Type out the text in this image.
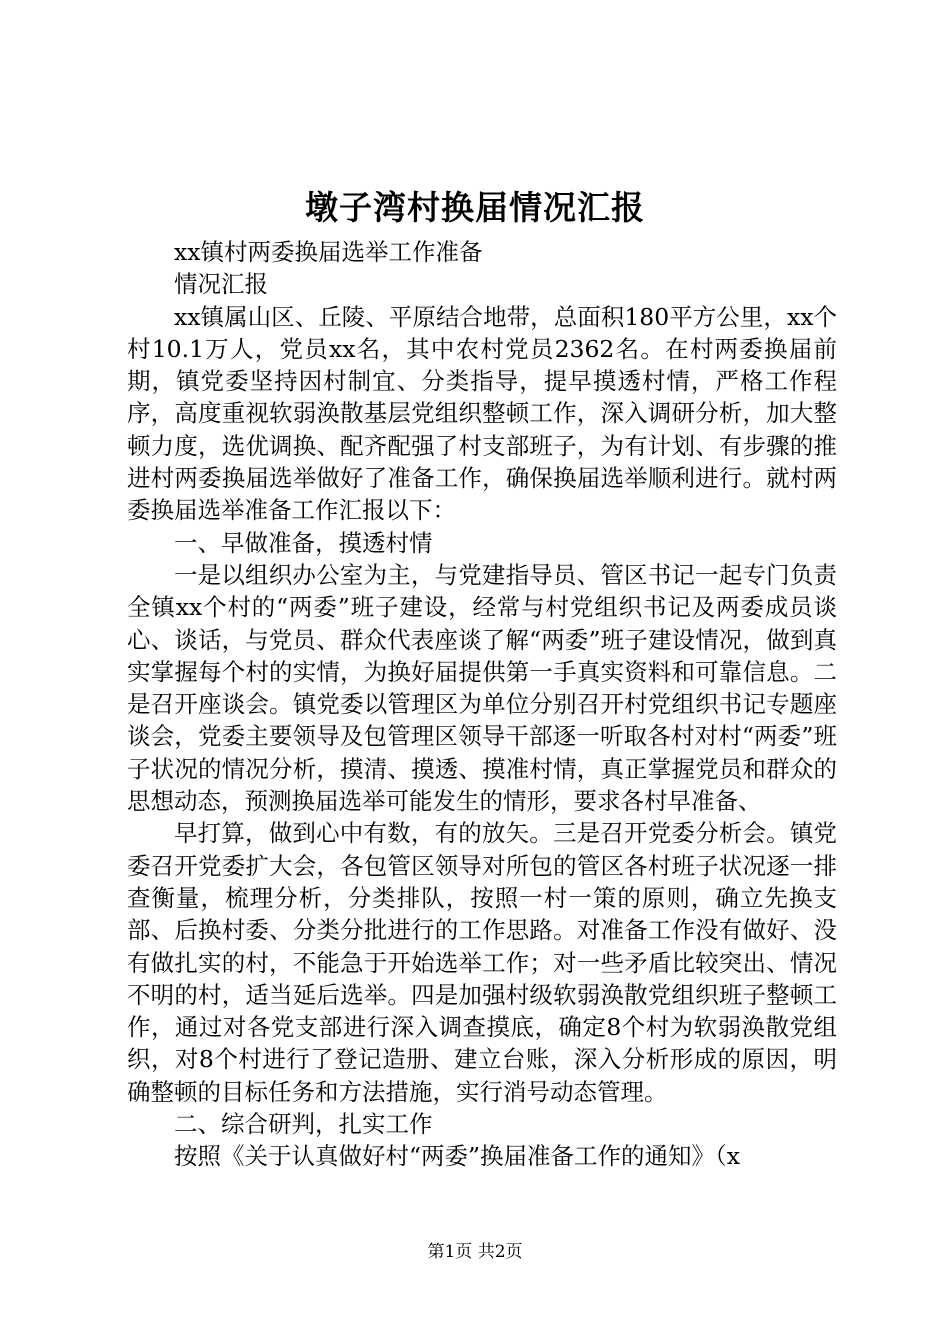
墩子湾村换届情况汇报

xx镇村两委换届选举工作准备

情况汇报

xx镇属山区、丘陵、平原结合地带，总面积180平方公里，xx个村10.1万人，党员xx名，其中农村党员2362名。在村两委换届前期，镇党委坚持因村制宜、分类指导，提早摸透村情，严格工作程序，高度重视软弱涣散基层党组织整顿工作，深入调研分析，加大整顿力度，选优调换、配齐配强了村支部班子，为有计划、有步骤的推进村两委换届选举做好了准备工作，确保换届选举顺利进行。就村两委换届选举准备工作汇报以下：

一、早做准备，摸透村情

一是以组织办公室为主，与党建指导员、管区书记一起专门负责全镇xx个村的“两委”班子建设，经常与村党组织书记及两委成员谈心、谈话，与党员、群众代表座谈了解“两委”班子建设情况，做到真实掌握每个村的实情，为换好届提供第一手真实资料和可靠信息。二是召开座谈会。镇党委以管理区为单位分别召开村党组织书记专题座谈会，党委主要领导及包管理区领导干部逐一听取各村对村“两委”班子状况的情况分析，摸清、摸透、摸准村情，真正掌握党员和群众的思想动态，预测换届选举可能发生的情形，要求各村早准备、

早打算，做到心中有数，有的放矢。三是召开党委分析会。镇党委召开党委扩大会，各包管区领导对所包的管区各村班子状况逐一排查衡量，梳理分析，分类排队，按照一村一策的原则，确立先换支部、后换村委、分类分批进行的工作思路。对准备工作没有做好、没有做扎实的村，不能急于开始选举工作；对一些矛盾比较突出、情况不明的村，适当延后选举。四是加强村级软弱涣散党组织班子整顿工作，通过对各党支部进行深入调查摸底，确定8个村为软弱涣散党组织，对8个村进行了登记造册、建立台账，深入分析形成的原因，明确整顿的目标任务和方法措施，实行消号动态管理。

二、综合研判，扎实工作

按照《关于认真做好村“两委”换届准备工作的通知》（x

第1页 共2页
